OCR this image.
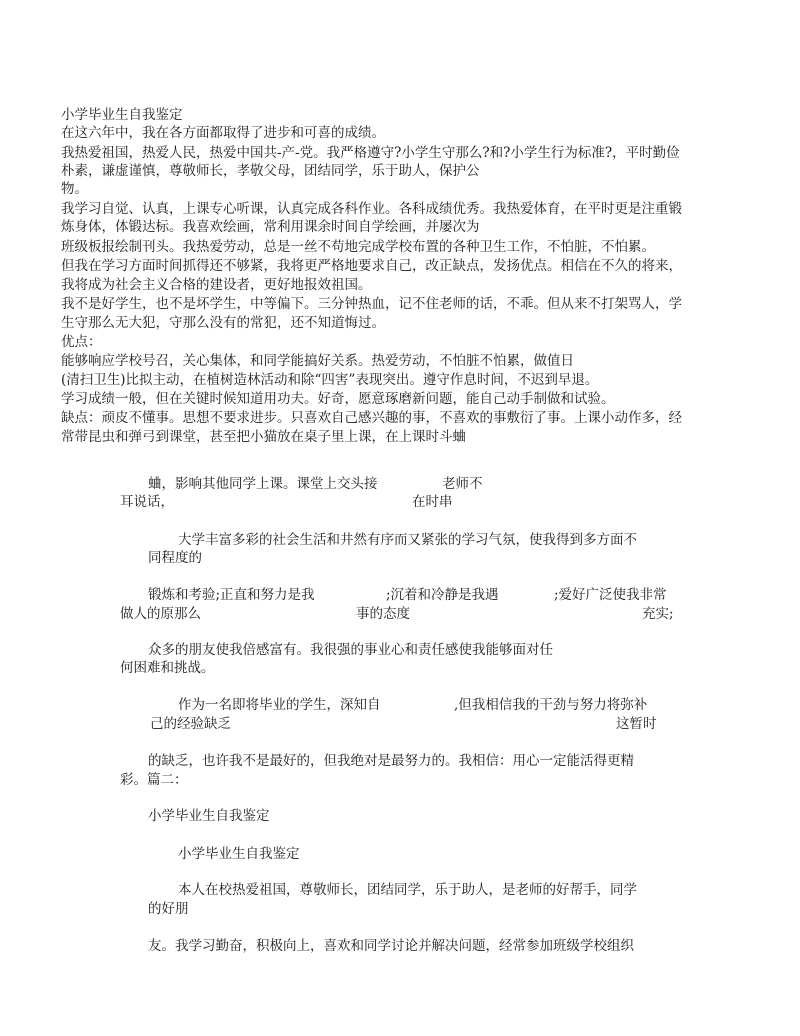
小学毕业生自我鉴定
在这六年中，我在各方面都取得了进步和可喜的成绩。
我热爱祖国，热爱人民，热爱中国共-产-党。我严格遵守?小学生守那么?和?小学生行为标准?，平时勤俭
朴素，谦虚谨慎，尊敬师长，孝敬父母，团结同学，乐于助人，保护公
物。
我学习自觉、认真，上课专心听课，认真完成各科作业。各科成绩优秀。我热爱体育，在平时更是注重锻
炼身体，体锻达标。我喜欢绘画，常利用课余时间自学绘画，并屡次为
班级板报绘制刊头。我热爱劳动，总是一丝不苟地完成学校布置的各种卫生工作，不怕脏，不怕累。
但我在学习方面时间抓得还不够紧，我将更严格地要求自己，改正缺点，发扬优点。相信在不久的将来，
我将成为社会主义合格的建设者，更好地报效祖国。
我不是好学生，也不是坏学生，中等偏下。三分钟热血，记不住老师的话，不乖。但从来不打架骂人，学
生守那么无大犯，守那么没有的常犯，还不知道悔过。
优点：
能够响应学校号召，关心集体，和同学能搞好关系。热爱劳动，不怕脏不怕累，做值日
(清扫卫生)比拟主动，在植树造林活动和除“四害”表现突出。遵守作息时间，不迟到早退。
学习成绩一般，但在关键时候知道用功夫。好奇，愿意琢磨新问题，能自己动手制做和试验。
缺点：顽皮不懂事。思想不要求进步。只喜欢自己感兴趣的事，不喜欢的事敷衍了事。上课小动作多，经
常带昆虫和弹弓到课堂，甚至把小猫放在桌子里上课，在上课时斗蛐
蛐，影响其他同学上课。课堂上交头接	老师不
耳说话，	在时串
大学丰富多彩的社会生活和井然有序而又紧张的学习气氛，使我得到多方面不
同程度的
锻炼和考验;正直和努力是我	;沉着和冷静是我遇	;爱好广泛使我非常
做人的原那么	事的态度	充实;
众多的朋友使我倍感富有。我很强的事业心和责任感使我能够面对任
何困难和挑战。
作为一名即将毕业的学生，深知自	,但我相信我的干劲与努力将弥补
己的经验缺乏	这暂时
的缺乏，也许我不是最好的，但我绝对是最努力的。我相信：用心一定能活得更精
彩。篇二：
小学毕业生自我鉴定
小学毕业生自我鉴定
本人在校热爱祖国，尊敬师长，团结同学，乐于助人，是老师的好帮手，同学
的好朋
友。我学习勤奋，积极向上，喜欢和同学讨论并解决问题，经常参加班级学校组织
